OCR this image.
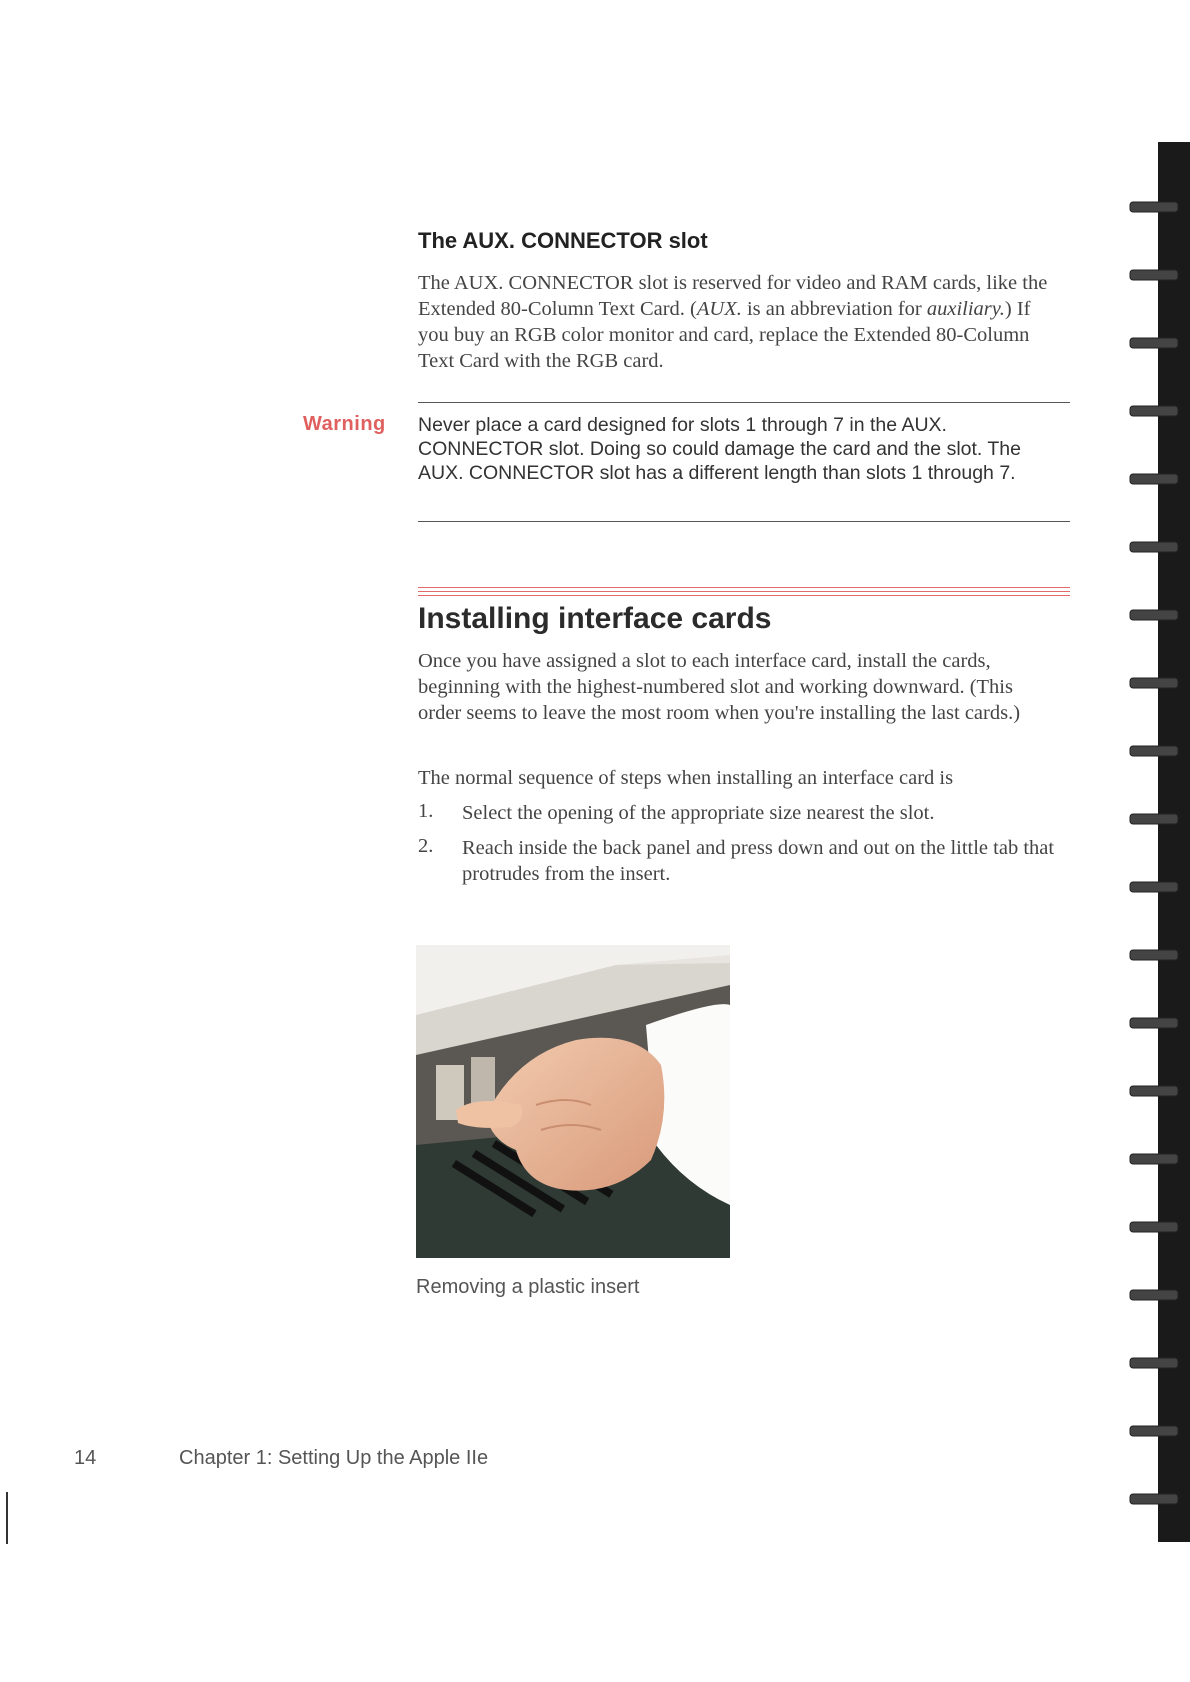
The AUX. CONNECTOR slot

The AUX. CONNECTOR slot is reserved for video and RAM cards, like the Extended 80-Column Text Card. (AUX. is an abbreviation for auxiliary.) If you buy an RGB color monitor and card, replace the Extended 80-Column Text Card with the RGB card.

Warning Never place a card designed for slots 1 through 7 in the AUX. CONNECTOR slot. Doing so could damage the card and the slot. The AUX. CONNECTOR slot has a different length than slots 1 through 7.

Installing interface cards

Once you have assigned a slot to each interface card, install the cards, beginning with the highest-numbered slot and working downward. (This order seems to leave the most room when you're installing the last cards.)

The normal sequence of steps when installing an interface card is

1. Select the opening of the appropriate size nearest the slot.

2. Reach inside the back panel and press down and out on the little tab that protrudes from the insert.

Removing a plastic insert
14	Chapter 1: Setting Up the Apple IIe
